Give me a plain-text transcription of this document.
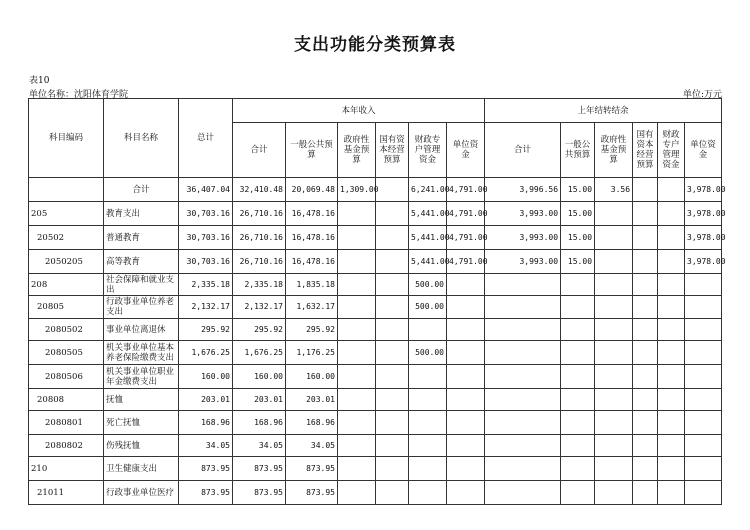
支出功能分类预算表
表10
单位名称：沈阳体育学院	单位:万元
科目编码	科目名称	总计	本年收入						上年结转结余					
			合计	一般公共预算	政府性基金预算	国有资本经营预算	财政专户管理资金	单位资金	合计	一般公共预算	政府性基金预算	国有资本经营预算	财政专户管理资金	单位资金
	合计	36,407.04	32,410.48	20,069.48	1,309.00		6,241.00	4,791.00	3,996.56	15.00	3.56			3,978.00
205	教育支出	30,703.16	26,710.16	16,478.16			5,441.00	4,791.00	3,993.00	15.00				3,978.00
20502	普通教育	30,703.16	26,710.16	16,478.16			5,441.00	4,791.00	3,993.00	15.00				3,978.00
2050205	高等教育	30,703.16	26,710.16	16,478.16			5,441.00	4,791.00	3,993.00	15.00				3,978.00
208	社会保障和就业支出	2,335.18	2,335.18	1,835.18			500.00							
20805	行政事业单位养老支出	2,132.17	2,132.17	1,632.17			500.00							
2080502	事业单位离退休	295.92	295.92	295.92										
2080505	机关事业单位基本养老保险缴费支出	1,676.25	1,676.25	1,176.25			500.00							
2080506	机关事业单位职业年金缴费支出	160.00	160.00	160.00										
20808	抚恤	203.01	203.01	203.01										
2080801	死亡抚恤	168.96	168.96	168.96										
2080802	伤残抚恤	34.05	34.05	34.05										
210	卫生健康支出	873.95	873.95	873.95										
21011	行政事业单位医疗	873.95	873.95	873.95										
